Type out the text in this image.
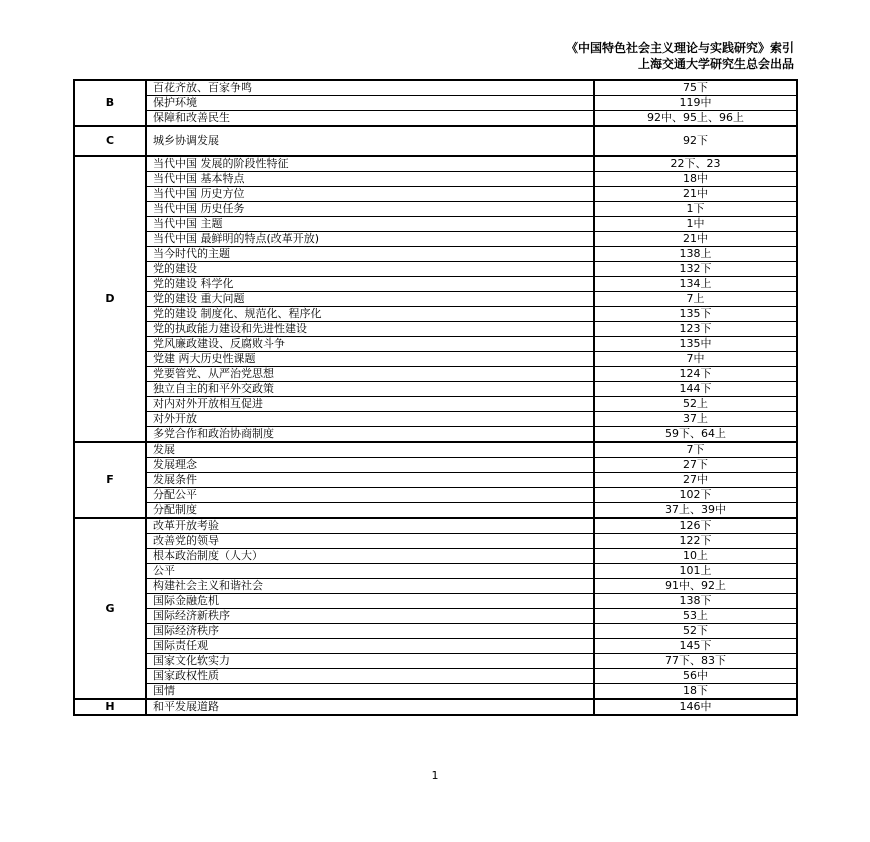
《中国特色社会主义理论与实践研究》索引
上海交通大学研究生总会出品
B	百花齐放、百家争鸣	75下
	保护环境	119中
	保障和改善民生	92中、95上、96上
C	城乡协调发展	92下
D	当代中国 发展的阶段性特征	22下、23
	当代中国 基本特点	18中
	当代中国 历史方位	21中
	当代中国 历史任务	1下
	当代中国 主题	1中
	当代中国 最鲜明的特点(改革开放)	21中
	当今时代的主题	138上
	党的建设	132下
	党的建设 科学化	134上
	党的建设 重大问题	7上
	党的建设 制度化、规范化、程序化	135下
	党的执政能力建设和先进性建设	123下
	党风廉政建设、反腐败斗争	135中
	党建 两大历史性课题	7中
	党要管党、从严治党思想	124下
	独立自主的和平外交政策	144下
	对内对外开放相互促进	52上
	对外开放	37上
	多党合作和政治协商制度	59下、64上
F	发展	7下
	发展理念	27下
	发展条件	27中
	分配公平	102下
	分配制度	37上、39中
G	改革开放考验	126下
	改善党的领导	122下
	根本政治制度（人大）	10上
	公平	101上
	构建社会主义和谐社会	91中、92上
	国际金融危机	138下
	国际经济新秩序	53上
	国际经济秩序	52下
	国际责任观	145下
	国家文化软实力	77下、83下
	国家政权性质	56中
	国情	18下
H	和平发展道路	146中
1
